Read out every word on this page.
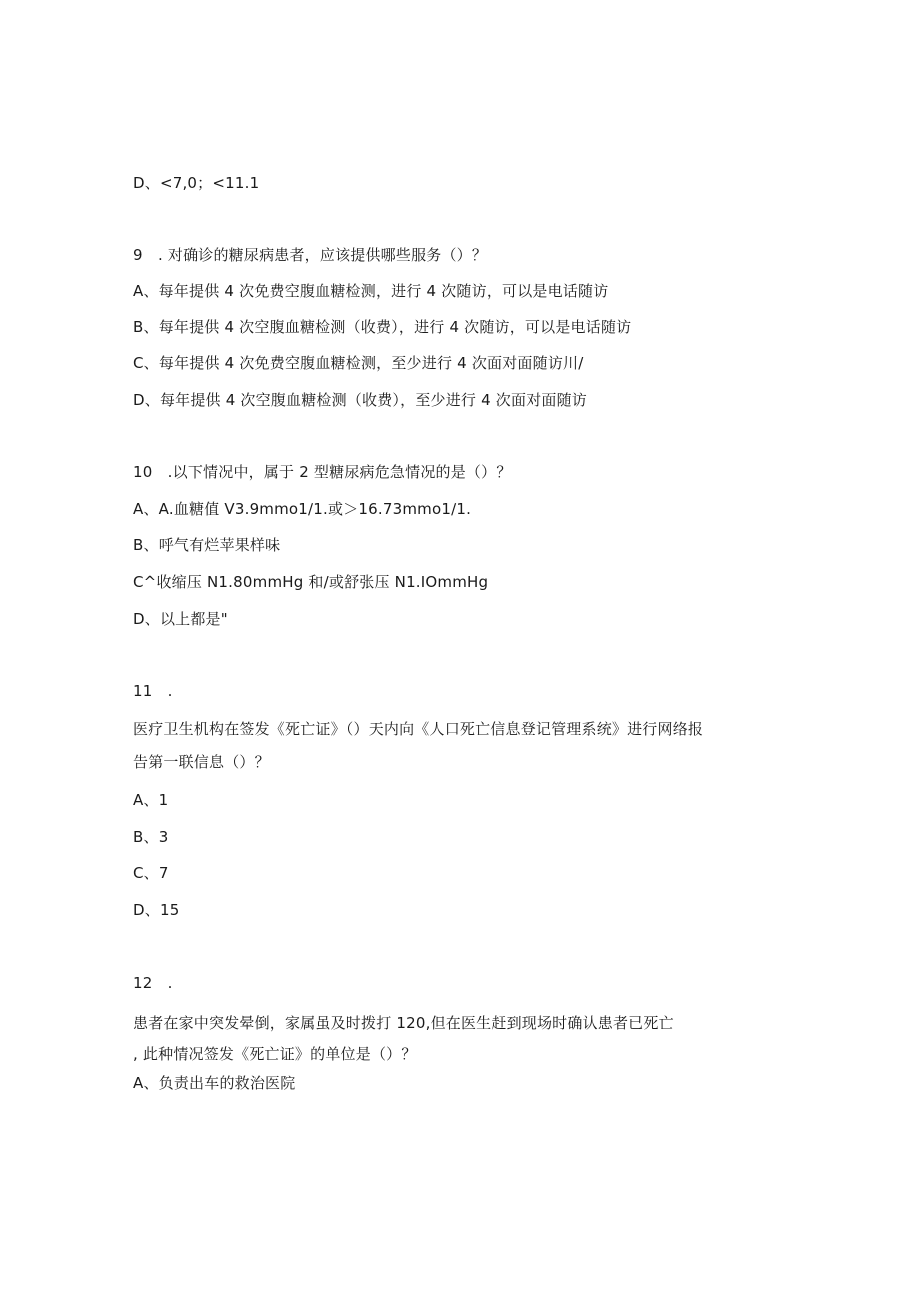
D、<7,0；<11.1
9　. 对确诊的糖尿病患者，应该提供哪些服务（）？
A、每年提供 4 次免费空腹血糖检测，进行 4 次随访，可以是电话随访
B、每年提供 4 次空腹血糖检测（收费），进行 4 次随访，可以是电话随访
C、每年提供 4 次免费空腹血糖检测，至少进行 4 次面对面随访川/
D、每年提供 4 次空腹血糖检测（收费），至少进行 4 次面对面随访
10　.以下情况中，属于 2 型糖尿病危急情况的是（）？
A、A.血糖值 V3.9mmo1∕1.或＞16.73mmo1∕1.
B、呼气有烂苹果样味
C^收缩压 N1.80mmHg 和/或舒张压 N1.IOmmHg
D、以上都是"
11　.
医疗卫生机构在签发《死亡证》（）天内向《人口死亡信息登记管理系统》进行网络报
告第一联信息（）？
A、1
B、3
C、7
D、15
12　.
患者在家中突发晕倒，家属虽及时拨打 120,但在医生赶到现场时确认患者已死亡
, 此种情况签发《死亡证》的单位是（）？
A、负责出车的救治医院
